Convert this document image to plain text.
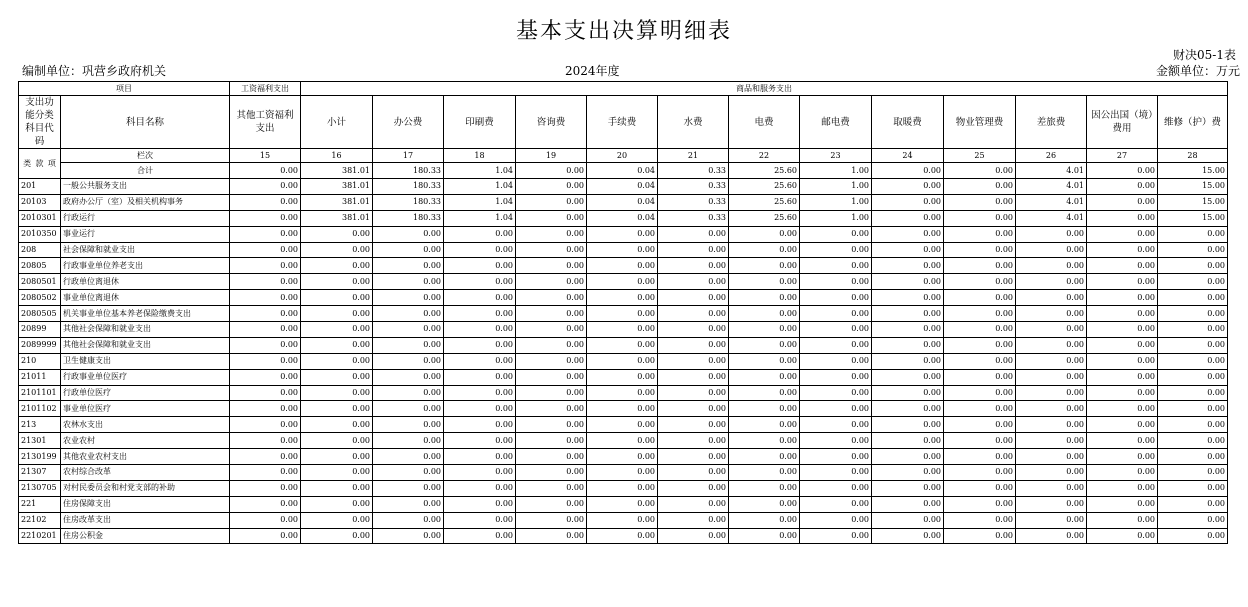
基本支出决算明细表
财决05-1表
编制单位：巩营乡政府机关	2024年度	金额单位：万元
项目		工资福利支出	商品和服务支出												
支出功能分类科目代码	科目名称	其他工资福利支出	小计	办公费	印刷费	咨询费	手续费	水费	电费	邮电费	取暖费	物业管理费	差旅费	因公出国（境）费用	维修（护）费

类 款 项	栏次	15	16	17	18	19	20	21	22	23	24	25	26	27	28
	合计	0.00	381.01	180.33	1.04	0.00	0.04	0.33	25.60	1.00	0.00	0.00	4.01	0.00	15.00
201	一般公共服务支出	0.00	381.01	180.33	1.04	0.00	0.04	0.33	25.60	1.00	0.00	0.00	4.01	0.00	15.00
20103	政府办公厅（室）及相关机构事务	0.00	381.01	180.33	1.04	0.00	0.04	0.33	25.60	1.00	0.00	0.00	4.01	0.00	15.00
2010301	行政运行	0.00	381.01	180.33	1.04	0.00	0.04	0.33	25.60	1.00	0.00	0.00	4.01	0.00	15.00
2010350	事业运行	0.00	0.00	0.00	0.00	0.00	0.00	0.00	0.00	0.00	0.00	0.00	0.00	0.00	0.00
208	社会保障和就业支出	0.00	0.00	0.00	0.00	0.00	0.00	0.00	0.00	0.00	0.00	0.00	0.00	0.00	0.00
20805	行政事业单位养老支出	0.00	0.00	0.00	0.00	0.00	0.00	0.00	0.00	0.00	0.00	0.00	0.00	0.00	0.00
2080501	行政单位离退休	0.00	0.00	0.00	0.00	0.00	0.00	0.00	0.00	0.00	0.00	0.00	0.00	0.00	0.00
2080502	事业单位离退休	0.00	0.00	0.00	0.00	0.00	0.00	0.00	0.00	0.00	0.00	0.00	0.00	0.00	0.00
2080505	机关事业单位基本养老保险缴费支出	0.00	0.00	0.00	0.00	0.00	0.00	0.00	0.00	0.00	0.00	0.00	0.00	0.00	0.00
20899	其他社会保障和就业支出	0.00	0.00	0.00	0.00	0.00	0.00	0.00	0.00	0.00	0.00	0.00	0.00	0.00	0.00
2089999	其他社会保障和就业支出	0.00	0.00	0.00	0.00	0.00	0.00	0.00	0.00	0.00	0.00	0.00	0.00	0.00	0.00
210	卫生健康支出	0.00	0.00	0.00	0.00	0.00	0.00	0.00	0.00	0.00	0.00	0.00	0.00	0.00	0.00
21011	行政事业单位医疗	0.00	0.00	0.00	0.00	0.00	0.00	0.00	0.00	0.00	0.00	0.00	0.00	0.00	0.00
2101101	行政单位医疗	0.00	0.00	0.00	0.00	0.00	0.00	0.00	0.00	0.00	0.00	0.00	0.00	0.00	0.00
2101102	事业单位医疗	0.00	0.00	0.00	0.00	0.00	0.00	0.00	0.00	0.00	0.00	0.00	0.00	0.00	0.00
213	农林水支出	0.00	0.00	0.00	0.00	0.00	0.00	0.00	0.00	0.00	0.00	0.00	0.00	0.00	0.00
21301	农业农村	0.00	0.00	0.00	0.00	0.00	0.00	0.00	0.00	0.00	0.00	0.00	0.00	0.00	0.00
2130199	其他农业农村支出	0.00	0.00	0.00	0.00	0.00	0.00	0.00	0.00	0.00	0.00	0.00	0.00	0.00	0.00
21307	农村综合改革	0.00	0.00	0.00	0.00	0.00	0.00	0.00	0.00	0.00	0.00	0.00	0.00	0.00	0.00
2130705	对村民委员会和村党支部的补助	0.00	0.00	0.00	0.00	0.00	0.00	0.00	0.00	0.00	0.00	0.00	0.00	0.00	0.00
221	住房保障支出	0.00	0.00	0.00	0.00	0.00	0.00	0.00	0.00	0.00	0.00	0.00	0.00	0.00	0.00
22102	住房改革支出	0.00	0.00	0.00	0.00	0.00	0.00	0.00	0.00	0.00	0.00	0.00	0.00	0.00	0.00
2210201	住房公积金	0.00	0.00	0.00	0.00	0.00	0.00	0.00	0.00	0.00	0.00	0.00	0.00	0.00	0.00
